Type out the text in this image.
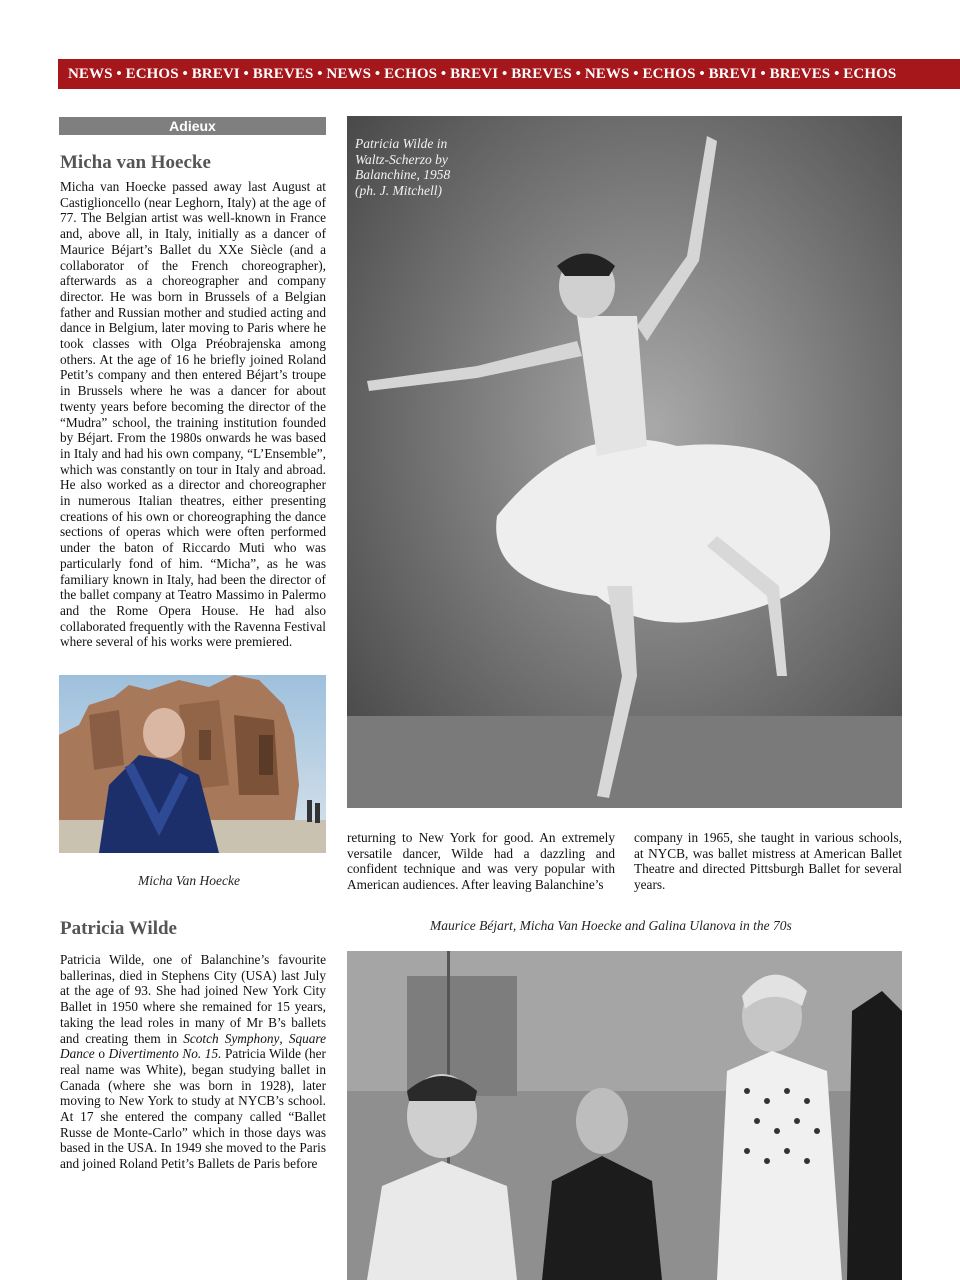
NEWS • ECHOS • BREVI • BREVES • NEWS • ECHOS • BREVI • BREVES • NEWS • ECHOS • BREVI • BREVES • ECHOS
Adieux
Micha van Hoecke
Micha van Hoecke passed away last August at Castiglioncello (near Leghorn, Italy) at the age of 77. The Belgian artist was well-known in France and, above all, in Italy, initially as a dancer of Maurice Béjart’s Ballet du XXe Siècle (and a collaborator of the French choreographer), afterwards as a choreographer and company director. He was born in Brussels of a Belgian father and Russian mother and studied acting and dance in Belgium, later moving to Paris where he took classes with Olga Préobrajenska among others. At the age of 16 he briefly joined Roland Petit’s company and then entered Béjart’s troupe in Brussels where he was a dancer for about twenty years before becoming the director of the “Mudra” school, the training institution founded by Béjart. From the 1980s onwards he was based in Italy and had his own company, “L’Ensemble”, which was constantly on tour in Italy and abroad. He also worked as a director and choreographer in numerous Italian theatres, either presenting creations of his own or choreographing the dance sections of operas which were often performed under the baton of Riccardo Muti who was particularly fond of him. “Micha”, as he was familiary known in Italy, had been the director of the ballet company at Teatro Massimo in Palermo and the Rome Opera House. He had also collaborated frequently with the Ravenna Festival where several of his works were premiered.
Micha Van Hoecke
Patricia Wilde in
Waltz-Scherzo by
Balanchine, 1958
(ph. J. Mitchell)
returning to New York for good. An extremely versatile dancer, Wilde had a dazzling and confident technique and was very popular with American audiences. After leaving Balanchine’s
company in 1965, she taught in various schools, at NYCB, was ballet mistress at American Ballet Theatre and directed Pittsburgh Ballet for several years.
Patricia Wilde
Patricia Wilde, one of Balanchine’s favourite ballerinas, died in Stephens City (USA) last July at the age of 93. She had joined New York City Ballet in 1950 where she remained for 15 years, taking the lead roles in many of Mr B’s ballets and creating them in Scotch Symphony, Square Dance o Divertimento No. 15. Patricia Wilde (her real name was White), began studying ballet in Canada (where she was born in 1928), later moving to New York to study at NYCB’s school. At 17 she entered the company called “Ballet Russe de Monte-Carlo” which in those days was based in the USA. In 1949 she moved to the Paris and joined Roland Petit’s Ballets de Paris before
Maurice Béjart, Micha Van Hoecke and Galina Ulanova in the 70s
